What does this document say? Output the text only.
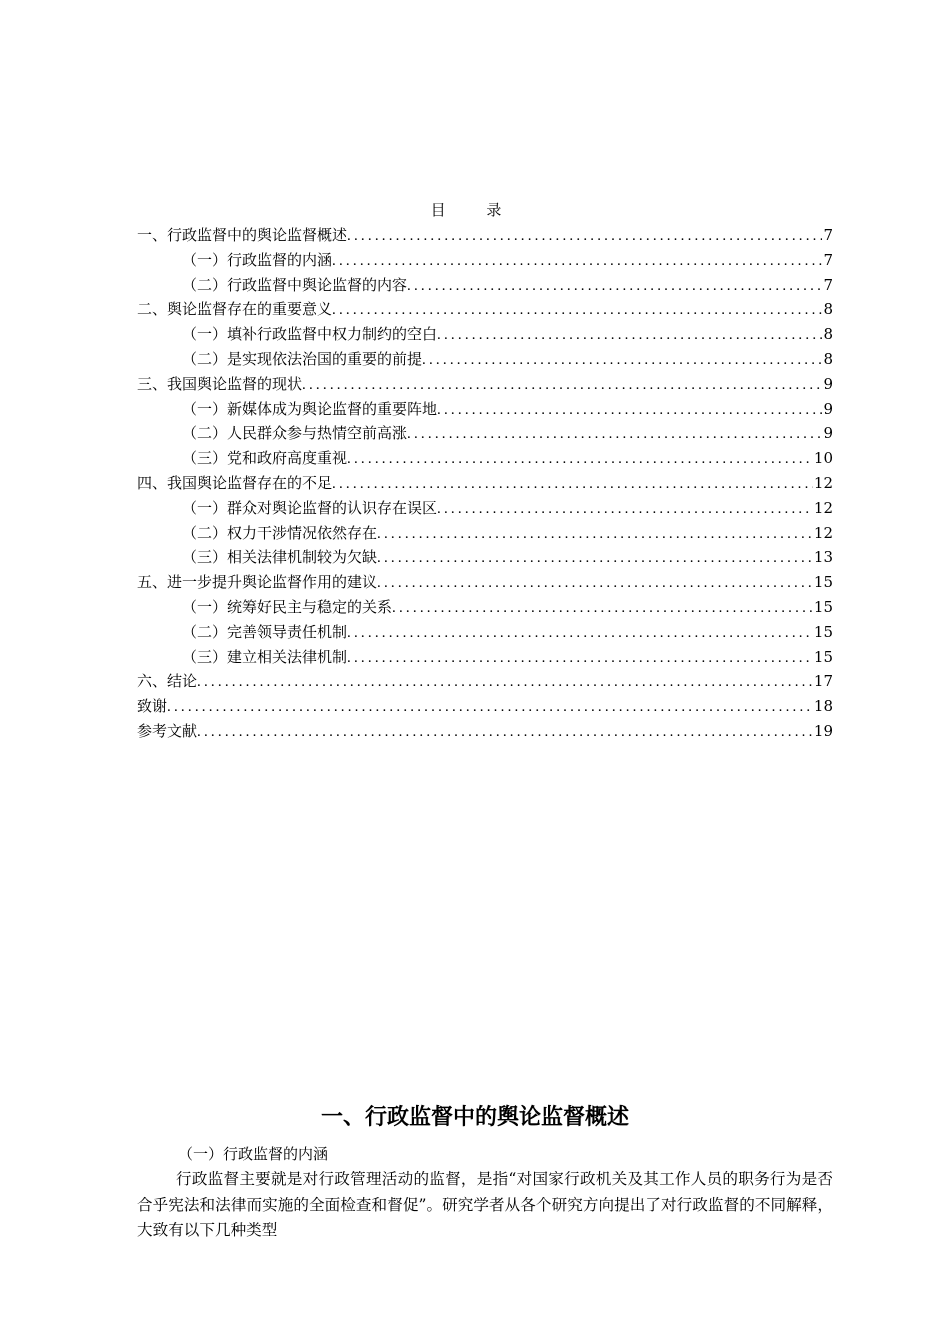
目 录
一、行政监督中的舆论监督概述 .....	7
（一）行政监督的内涵 .....	7
（二）行政监督中舆论监督的内容 .....	7
二、舆论监督存在的重要意义 .....	8
（一）填补行政监督中权力制约的空白 .....	8
（二）是实现依法治国的重要的前提 .....	8
三、我国舆论监督的现状 .....	9
（一）新媒体成为舆论监督的重要阵地 .....	9
（二）人民群众参与热情空前高涨 .....	9
（三）党和政府高度重视 .....	10
四、我国舆论监督存在的不足 .....	12
（一）群众对舆论监督的认识存在误区 .....	12
（二）权力干涉情况依然存在 .....	12
（三）相关法律机制较为欠缺 .....	13
五、进一步提升舆论监督作用的建议 .....	15
（一）统筹好民主与稳定的关系 .....	15
（二）完善领导责任机制 .....	15
（三）建立相关法律机制 .....	15
六、结论 .....	17
致谢 .....	18
参考文献 .....	19
一、行政监督中的舆论监督概述
（一）行政监督的内涵

行政监督主要就是对行政管理活动的监督，是指“对国家行政机关及其工作人员的职务行为是否合乎宪法和法律而实施的全面检查和督促”。研究学者从各个研究方向提出了对行政监督的不同解释，大致有以下几种类型
